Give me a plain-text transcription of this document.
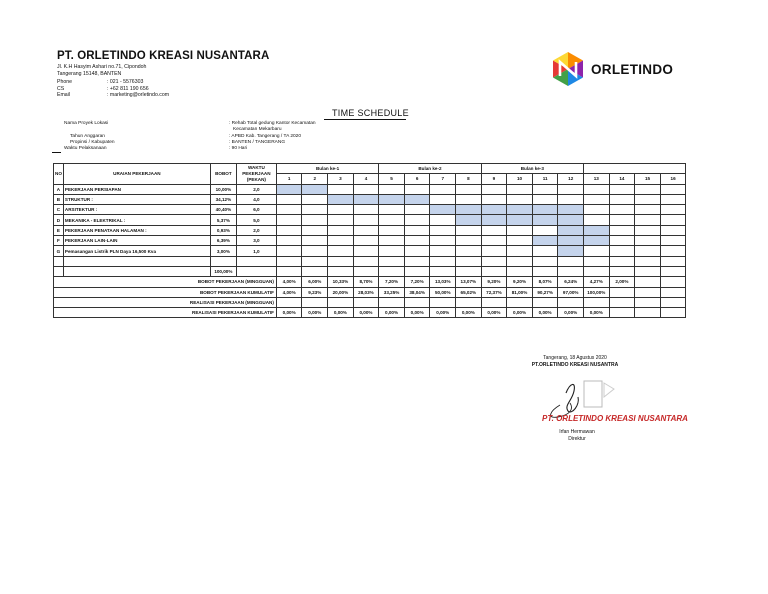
PT. ORLETINDO KREASI NUSANTARA
Jl. K.H Hasyim Ashari no.71, Cipondoh
Tangerang 15148, BANTEN
Phone	: 021 - 5576303
CS	: +62 811 190 656
Email	: marketing@orletindo.com
ORLETINDO
TIME SCHEDULE
Nama Proyek Lokasi	: Rehab Total gedung Kantor Kecamatan
Kecamatan Mekarbaru
Tahun Anggaran	: APBD Kab. Tangerang / TA 2020
Propinsi / Kabupaten	: BANTEN / TANGERANG
Waktu Pelaksanaan	: 90 Hari
NO	URAIAN PEKERJAAN	BOBOT	WAKTU PEKERJAAN (PEKAN)	Bulan ke-1				Bulan ke-2				Bulan ke-3							
				1	2	3	4	5	6	7	8	9	10	11	12	13	14	15	16
A	PEKERJAAN PERSIAPAN	10,00%	2,0																
B	STRUKTUR :	34,12%	4,0																
C	ARSITEKTUR :	40,40%	6,0																
D	MEKANIKA - ELEKTRIKAL :	5,37%	5,0																
E	PEKERJAAN PENATAAN HALAMAN :	0,93%	2,0																
F	PEKERJAAN LAIN-LAIN	6,39%	3,0																
G	Pemasangan Listrik PLN Daya 16,500 Kva	3,00%	1,0																

		100,00%																	
BOBOT PEKERJAAN (MINGGUAN)				4,00%	6,00%	10,33%	8,70%	7,20%	7,20%	13,03%	13,07%	9,20%	9,20%	8,07%	6,24%	4,27%	2,00%		
BOBOT PEKERJAAN KUMULATIF				4,00%	9,23%	20,00%	28,03%	33,25%	38,04%	50,00%	65,02%	72,37%	81,00%	90,27%	97,00%	100,00%			
REALISASI PEKERJAAN (MINGGUAN)																			
REALISASI PEKERJAAN KUMULATIF				0,00%	0,00%	0,00%	0,00%	0,00%	0,00%	0,00%	0,00%	0,00%	0,00%	0,00%	0,00%	0,00%			
Tangerang, 18 Agustus 2020
PT.ORLETINDO KREASI NUSANTRA
PT. ORLETINDO KREASI NUSANTARA
Irfan Hermawan
Direktur
